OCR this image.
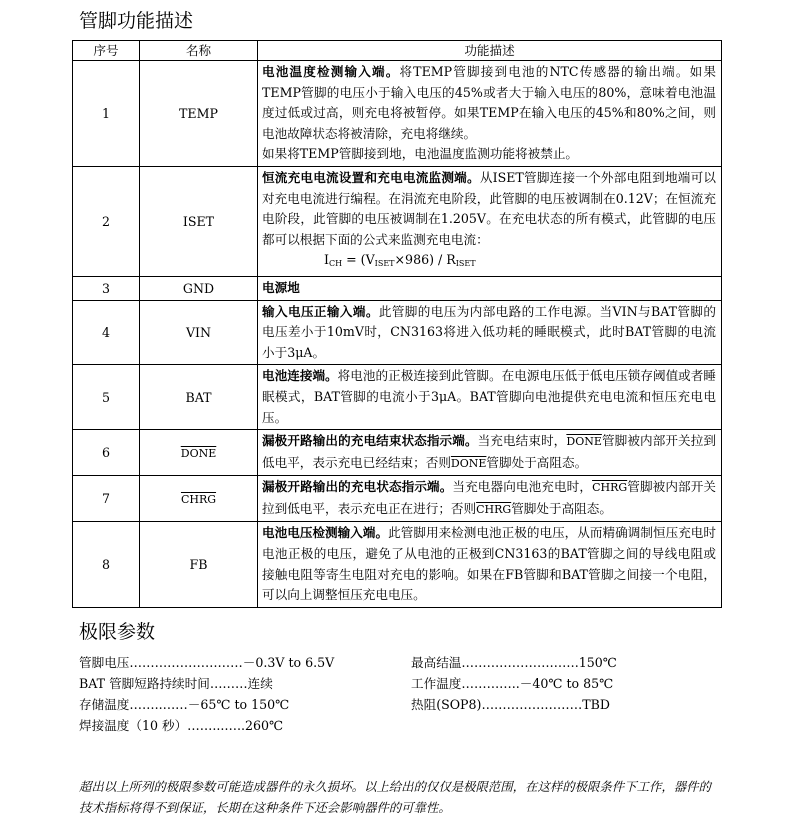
管脚功能描述
序号	名称	功能描述
1	TEMP	电池温度检测输入端。将TEMP管脚接到电池的NTC传感器的输出端。如果TEMP管脚的电压小于输入电压的45%或者大于输入电压的80%，意味着电池温度过低或过高，则充电将被暂停。如果TEMP在输入电压的45%和80%之间，则电池故障状态将被清除，充电将继续。
如果将TEMP管脚接到地，电池温度监测功能将被禁止。
2	ISET	恒流充电电流设置和充电电流监测端。从ISET管脚连接一个外部电阻到地端可以对充电电流进行编程。在涓流充电阶段，此管脚的电压被调制在0.12V；在恒流充电阶段，此管脚的电压被调制在1.205V。在充电状态的所有模式，此管脚的电压都可以根据下面的公式来监测充电电流：
$I_{CH} = (V_{ISET}\times 986) / R_{ISET}$

3	GND	电源地
4	VIN	输入电压正输入端。此管脚的电压为内部电路的工作电源。当VIN与BAT管脚的电压差小于10mV时，CN3163将进入低功耗的睡眠模式，此时BAT管脚的电流小于3μA。
5	BAT	电池连接端。将电池的正极连接到此管脚。在电源电压低于低电压锁存阈值或者睡眠模式，BAT管脚的电流小于3μA。BAT管脚向电池提供充电电流和恒压充电电压。
6	DONE	漏极开路输出的充电结束状态指示端。当充电结束时，DONE管脚被内部开关拉到低电平，表示充电已经结束；否则DONE管脚处于高阻态。
7	CHRG	漏极开路输出的充电状态指示端。当充电器向电池充电时，CHRG管脚被内部开关拉到低电平，表示充电正在进行；否则CHRG管脚处于高阻态。
8	FB	电池电压检测输入端。此管脚用来检测电池正极的电压，从而精确调制恒压充电时电池正极的电压，避免了从电池的正极到CN3163的BAT管脚之间的导线电阻或接触电阻等寄生电阻对充电的影响。如果在FB管脚和BAT管脚之间接一个电阻，可以向上调整恒压充电电压。
极限参数
管脚电压………………………－0.3V to 6.5V
BAT 管脚短路持续时间………连续
存储温度……..……－65℃ to 150℃
焊接温度（10 秒）……...…..260℃
最高结温……………………….150℃
工作温度…………..－40℃ to 85℃
热阻(SOP8)……………………TBD
超出以上所列的极限参数可能造成器件的永久损坏。以上给出的仅仅是极限范围，在这样的极限条件下工作，器件的技术指标将得不到保证，长期在这种条件下还会影响器件的可靠性。
